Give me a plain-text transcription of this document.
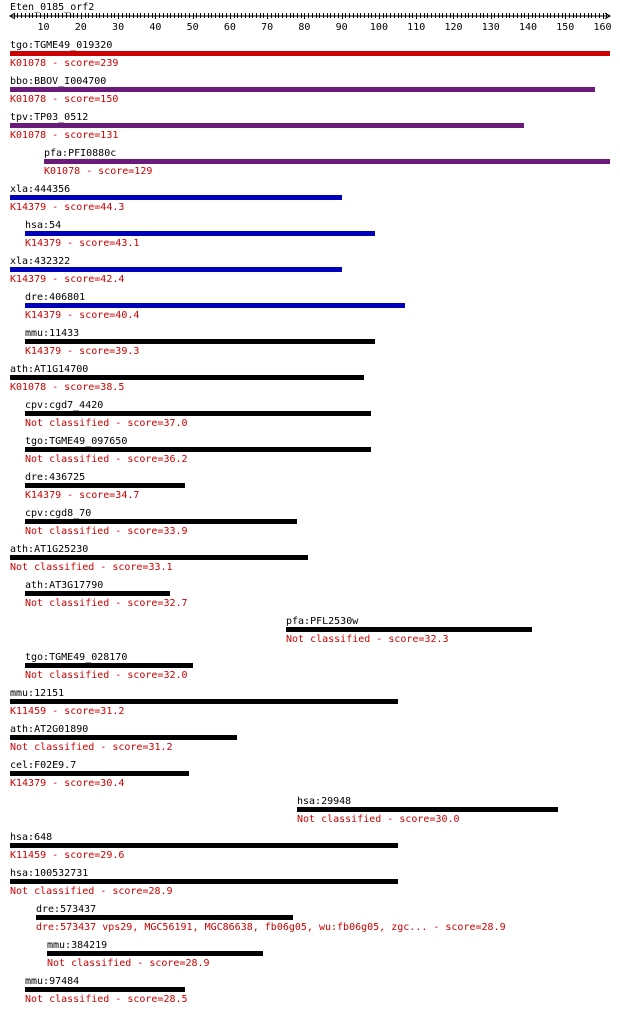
Eten_0185_orf2
10	20	30	40	50	60	70	80	90 100 110 120 130 140 150 160
tgo:TGME49_019320
K01078 - score=239
bbo:BBOV_I004700
K01078 - score=150
tpv:TP03_0512
K01078 - score=131
pfa:PFI0880c
K01078 - score=129
xla:444356
K14379 - score=44.3
hsa:54
K14379 - score=43.1
xla:432322
K14379 - score=42.4
dre:406801
K14379 - score=40.4
mmu:11433
K14379 - score=39.3
ath:AT1G14700
K01078 - score=38.5
cpv:cgd7_4420
Not classified - score=37.0
tgo:TGME49_097650
Not classified - score=36.2
dre:436725
K14379 - score=34.7
cpv:cgd8_70
Not classified - score=33.9
ath:AT1G25230
Not classified - score=33.1
ath:AT3G17790
Not classified - score=32.7
pfa:PFL2530w
Not classified - score=32.3
tgo:TGME49_028170
Not classified - score=32.0
mmu:12151
K11459 - score=31.2
ath:AT2G01890
Not classified - score=31.2
cel:F02E9.7
K14379 - score=30.4
hsa:29948
Not classified - score=30.0
hsa:648
K11459 - score=29.6
hsa:100532731
Not classified - score=28.9
dre:573437
dre:573437 vps29, MGC56191, MGC86638, fb06g05, wu:fb06g05, zgc... - score=28.9
mmu:384219
Not classified - score=28.9
mmu:97484
Not classified - score=28.5
